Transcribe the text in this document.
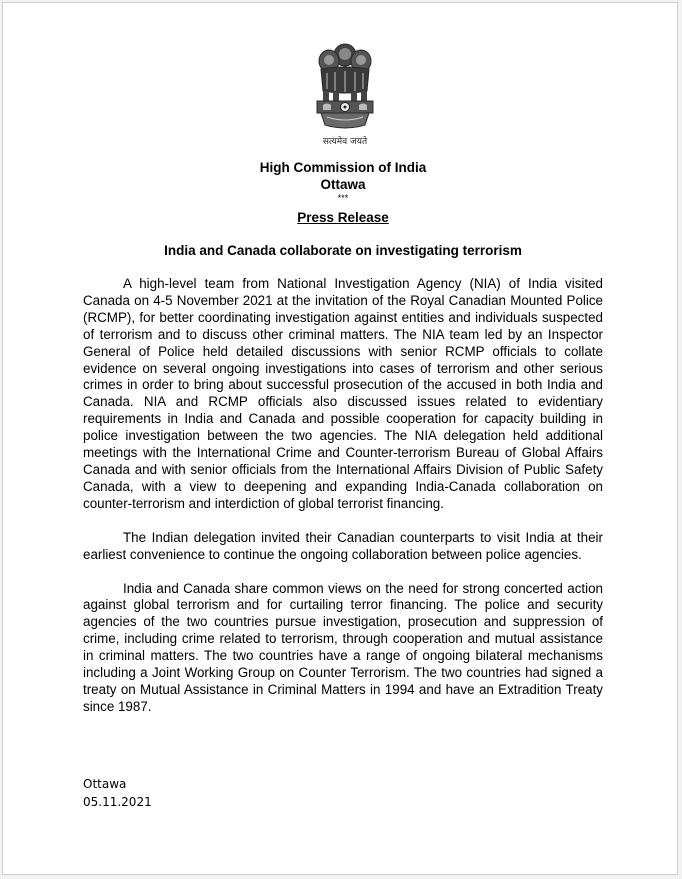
सत्यमेव जयते
High Commission of India
Ottawa
***
Press Release
India and Canada collaborate on investigating terrorism

A high-level team from National Investigation Agency (NIA) of India visited Canada on 4-5 November 2021 at the invitation of the Royal Canadian Mounted Police (RCMP), for better coordinating investigation against entities and individuals suspected of terrorism and to discuss other criminal matters. The NIA team led by an Inspector General of Police held detailed discussions with senior RCMP officials to collate evidence on several ongoing investigations into cases of terrorism and other serious crimes in order to bring about successful prosecution of the accused in both India and Canada. NIA and RCMP officials also discussed issues related to evidentiary requirements in India and Canada and possible cooperation for capacity building in police investigation between the two agencies. The NIA delegation held additional meetings with the International Crime and Counter-terrorism Bureau of Global Affairs Canada and with senior officials from the International Affairs Division of Public Safety Canada, with a view to deepening and expanding India-Canada collaboration on counter-terrorism and interdiction of global terrorist financing.

The Indian delegation invited their Canadian counterparts to visit India at their earliest convenience to continue the ongoing collaboration between police agencies.

India and Canada share common views on the need for strong concerted action against global terrorism and for curtailing terror financing. The police and security agencies of the two countries pursue investigation, prosecution and suppression of crime, including crime related to terrorism, through cooperation and mutual assistance in criminal matters. The two countries have a range of ongoing bilateral mechanisms including a Joint Working Group on Counter Terrorism. The two countries had signed a treaty on Mutual Assistance in Criminal Matters in 1994 and have an Extradition Treaty since 1987.

Ottawa
05.11.2021
